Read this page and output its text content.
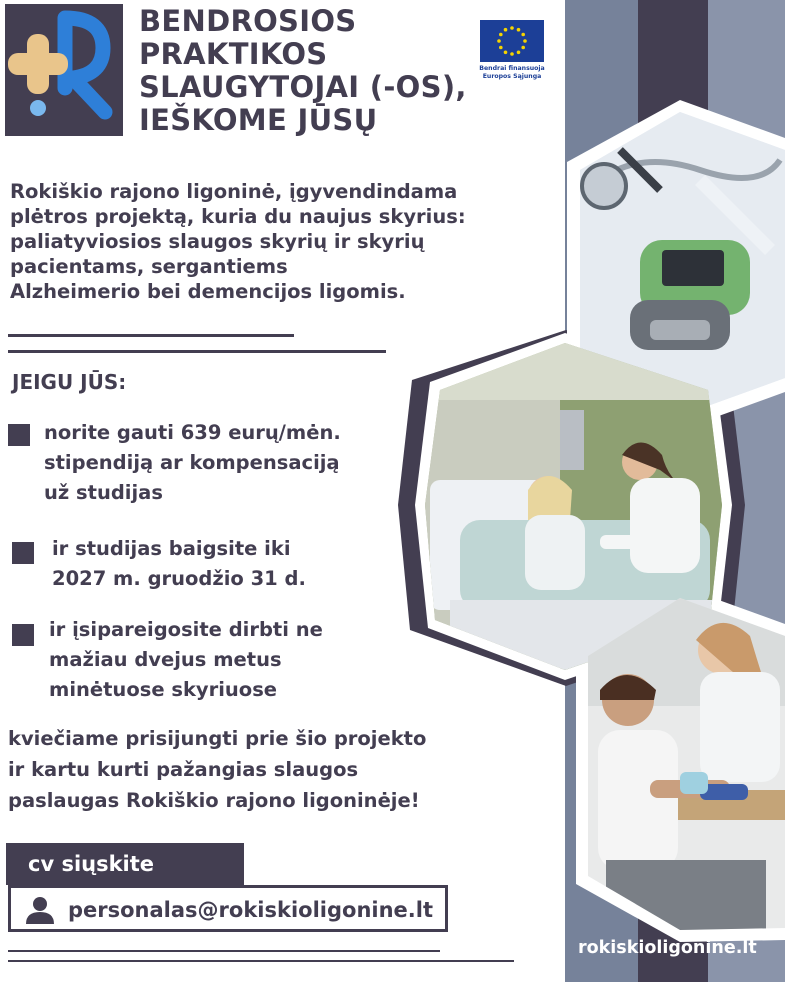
BENDROSIOS
PRAKTIKOS
SLAUGYTOJAI (-OS),
IEŠKOME JŪSŲ
Bendrai finansuoja
Europos Sąjunga
Rokiškio rajono ligoninė, įgyvendindama
plėtros projektą, kuria du naujus skyrius:
paliatyviosios slaugos skyrių ir skyrių
pacientams, sergantiems
Alzheimerio bei demencijos ligomis.
JEIGU JŪS:
norite gauti 639 eurų/mėn.
stipendiją ar kompensaciją
už studijas
ir studijas baigsite iki
2027 m. gruodžio 31 d.
ir įsipareigosite dirbti ne
mažiau dvejus metus
minėtuose skyriuose
kviečiame prisijungti prie šio projekto
ir kartu kurti pažangias slaugos
paslaugas Rokiškio rajono ligoninėje!
cv siųskite
personalas@rokiskioligonine.lt
rokiskioligonine.lt
